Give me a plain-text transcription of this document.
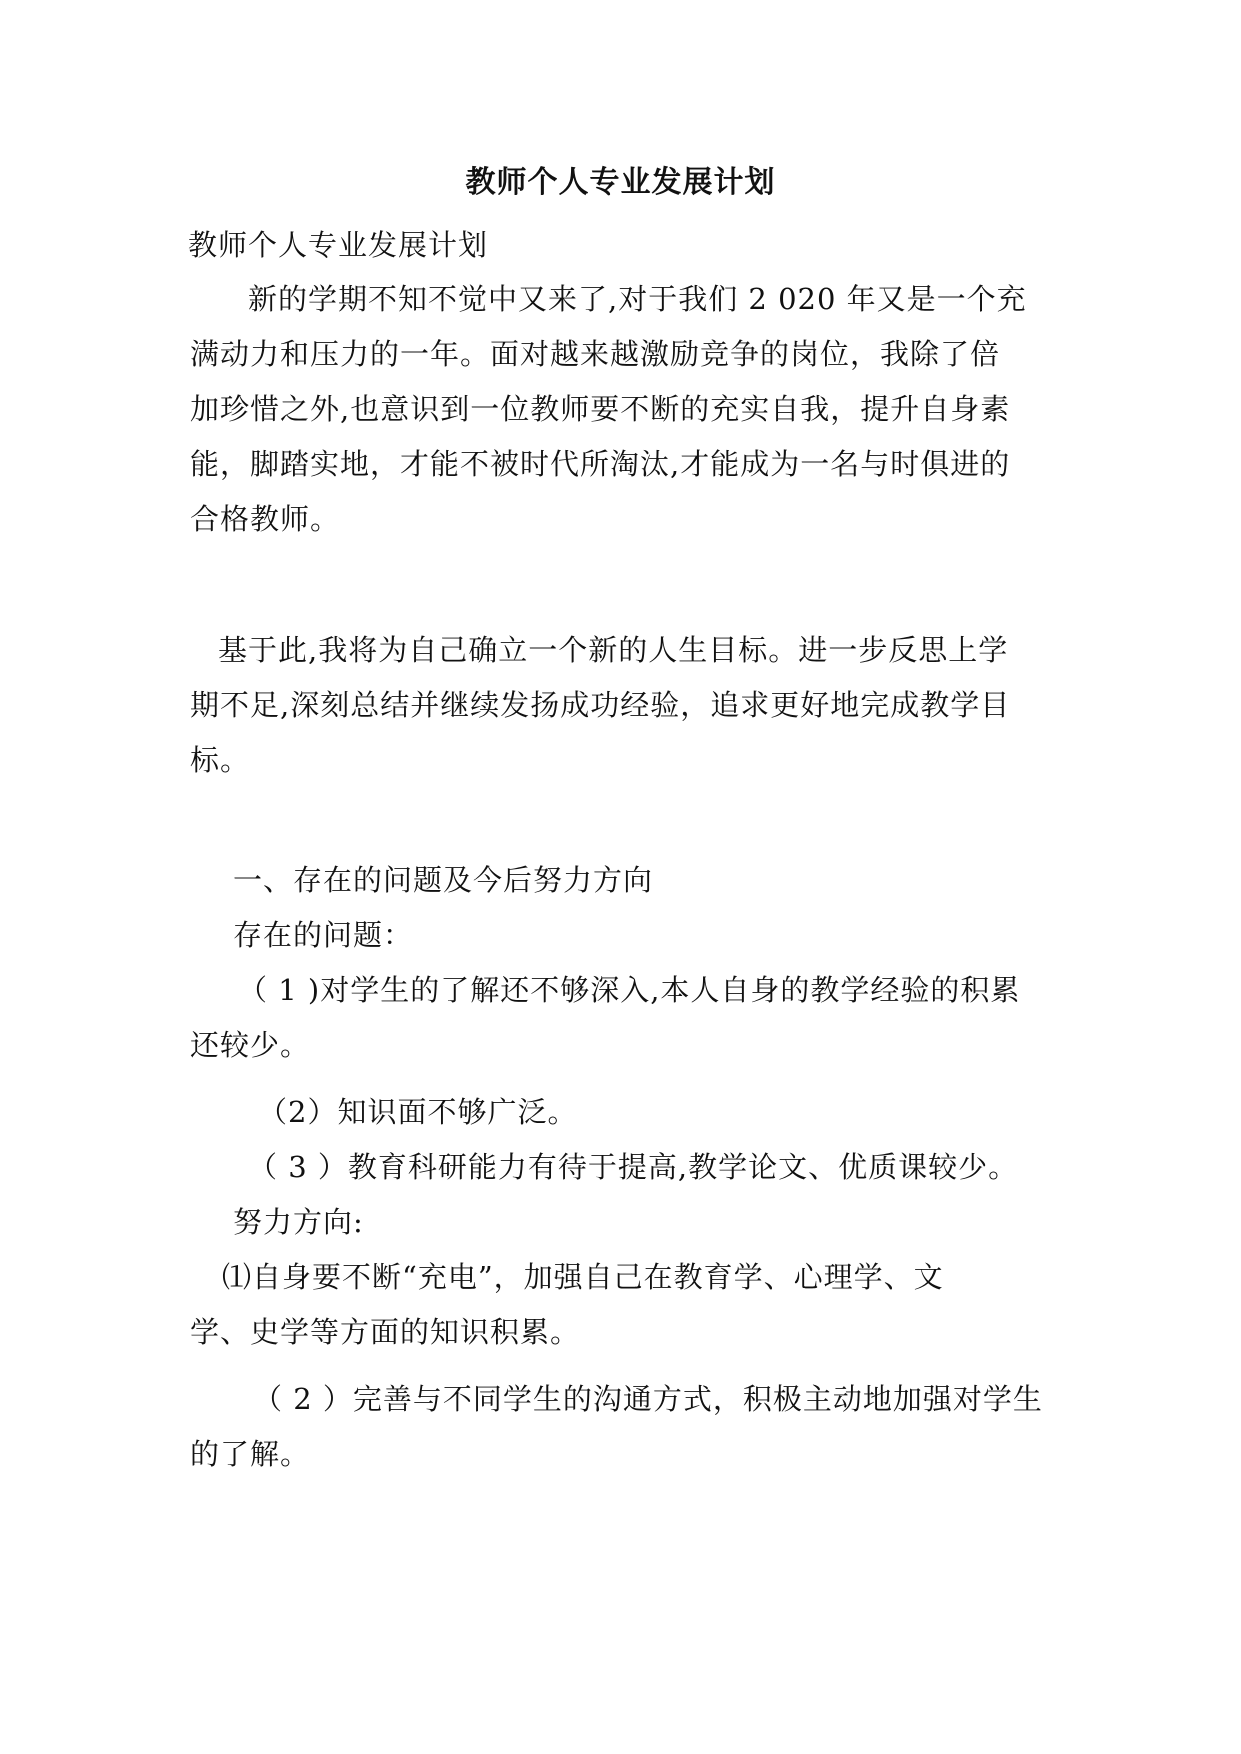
教师个人专业发展计划
教师个人专业发展计划
新的学期不知不觉中又来了,对于我们 2 020 年又是一个充
满动力和压力的一年。面对越来越激励竞争的岗位，我除了倍
加珍惜之外,也意识到一位教师要不断的充实自我，提升自身素
能，脚踏实地，才能不被时代所淘汰,才能成为一名与时俱进的
合格教师。
基于此,我将为自己确立一个新的人生目标。进一步反思上学
期不足,深刻总结并继续发扬成功经验，追求更好地完成教学目
标。
一、存在的问题及今后努力方向
存在的问题：
（ 1 )对学生的了解还不够深入,本人自身的教学经验的积累
还较少。
（2）知识面不够广泛。
（ 3 ）教育科研能力有待于提高,教学论文、优质课较少。
努力方向:
⑴自身要不断“充电”，加强自己在教育学、心理学、文
学、史学等方面的知识积累。
（ 2 ）完善与不同学生的沟通方式，积极主动地加强对学生
的了解。
